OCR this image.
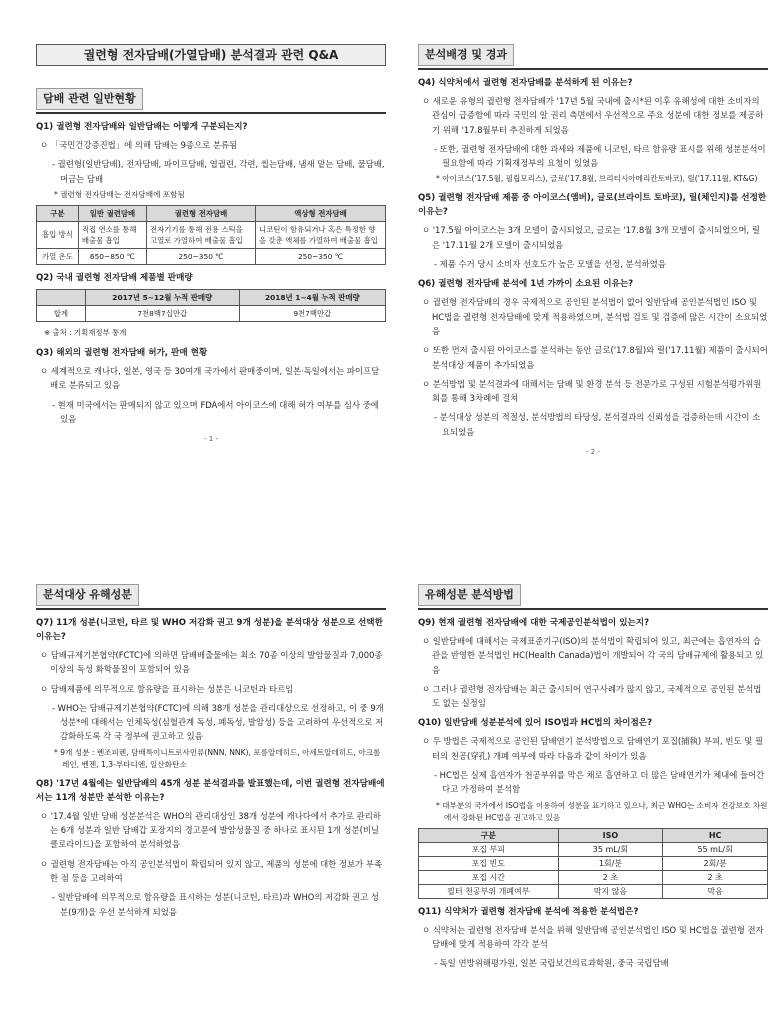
궐련형 전자담배(가열담배) 분석결과 관련 Q&A
담배 관련 일반현황
Q1) 궐련형 전자담배와 일반담배는 어떻게 구분되는지?
ㅇ 「국민건강증진법」에 의해 담배는 9종으로 분류됨
- 궐련형(일반담배), 전자담배, 파이프담배, 엽궐련, 각련, 씹는담배, 냄새 맡는 담배, 물담배, 머금는 담배
* 궐련형 전자담배는 전자담배에 포함됨
구분	일반 궐련담배	궐련형 전자담배	액상형 전자담배
흡입 방식	직접 연소를 통해 배출물 흡입	전자기기를 통해 전용 스틱을 고열로 가열하여 배출물 흡입	니코틴이 함유되거나 혹은 특정한 향을 갖춘 액체를 가열하여 배출물 흡입
가열 온도	650~850 ℃	250~350 ℃	250~350 ℃
Q2) 국내 궐련형 전자담배 제품별 판매량
	2017년 5~12월 누적 판매량	2018년 1~4월 누적 판매량
합계	7천8백7십만갑	9천7백만갑
※ 출처 : 기획재정부 통계
Q3) 해외의 궐련형 전자담배 허가, 판매 현황
ㅇ 세계적으로 캐나다, 일본, 영국 등 30여개 국가에서 판매중이며, 일본·독일에서는 파이프담배로 분류되고 있음
- 현재 미국에서는 판매되지 않고 있으며 FDA에서 아이코스에 대해 허가 여부를 심사 중에 있음
- 1 -
분석배경 및 경과
Q4) 식약처에서 궐련형 전자담배를 분석하게 된 이유는?
ㅇ 새로운 유형의 궐련형 전자담배가 '17년 5월 국내에 출시*된 이후 유해성에 대한 소비자의 관심이 급증함에 따라 국민의 알 권리 측면에서 우선적으로 주요 성분에 대한 정보를 제공하기 위해 '17.8월부터 추진하게 되었음
- 또한, 궐련형 전자담배에 대한 과세와 제품에 니코틴, 타르 함유량 표시를 위해 성분분석이 필요함에 따라 기획재정부의 요청이 있었음
* 아이코스('17.5월, 필립모리스), 글로('17.8월, 브리티시아메리칸토바코), 릴('17.11월, KT&G)
Q5) 궐련형 전자담배 제품 중 아이코스(앰버), 글로(브라이트 토바코), 릴(체인지)를 선정한 이유는?
ㅇ '17.5월 아이코스는 3개 모델이 출시되었고, 글로는 '17.8월 3개 모델이 출시되었으며, 릴은 '17.11월 2개 모델이 출시되었음
- 제품 수거 당시 소비자 선호도가 높은 모델을 선정, 분석하였음
Q6) 궐련형 전자담배 분석에 1년 가까이 소요된 이유는?
ㅇ 궐련형 전자담배의 경우 국제적으로 공인된 분석법이 없어 일반담배 공인분석법인 ISO 및 HC법을 궐련형 전자담배에 맞게 적용하였으며, 분석법 검토 및 검증에 많은 시간이 소요되었음
ㅇ 또한 먼저 출시된 아이코스를 분석하는 동안 글로('17.8월)와 릴('17.11월) 제품이 출시되어 분석대상 제품이 추가되었음
ㅇ 분석방법 및 분석결과에 대해서는 담배 및 환경 분석 등 전문가로 구성된 시험분석평가위원회를 통해 3차례에 걸쳐
- 분석대상 성분의 적절성, 분석방법의 타당성, 분석결과의 신뢰성을 검증하는데 시간이 소요되었음
- 2 -
분석대상 유해성분
Q7) 11개 성분(니코틴, 타르 및 WHO 저감화 권고 9개 성분)을 분석대상 성분으로 선택한 이유는?
ㅇ 담배규제기본협약(FCTC)에 의하면 담배배출물에는 최소 70종 이상의 발암물질과 7,000종 이상의 독성 화학물질이 포함되어 있음
ㅇ 담배제품에 의무적으로 함유량을 표시하는 성분은 니코틴과 타르임
- WHO는 담배규제기본협약(FCTC)에 의해 38개 성분을 관리대상으로 선정하고, 이 중 9개 성분*에 대해서는 인체독성(심혈관계 독성, 폐독성, 발암성) 등을 고려하여 우선적으로 저감화하도록 각 국 정부에 권고하고 있음
* 9개 성분 : 벤조피렌, 담배특이니트로사민류(NNN, NNK), 포름알데히드, 아세트알데히드, 아크롤레인, 벤젠, 1,3-부타디엔, 일산화탄소
Q8) '17년 4월에는 일반담배의 45개 성분 분석결과를 발표했는데, 이번 궐련형 전자담배에서는 11개 성분만 분석한 이유는?
ㅇ '17.4월 일반 담배 성분분석은 WHO의 관리대상인 38개 성분에 캐나다에서 추가로 관리하는 6개 성분과 일반 담배갑 포장지의 경고문에 발암성물질 중 하나로 표시된 1개 성분(비닐클로라이드)을 포함하여 분석하였음
ㅇ 궐련형 전자담배는 아직 공인분석법이 확립되어 있지 않고, 제품의 성분에 대한 정보가 부족한 점 등을 고려하여
- 일반담배에 의무적으로 함유량을 표시하는 성분(니코틴, 타르)과 WHO의 저감화 권고 성분(9개)을 우선 분석하게 되었음
유해성분 분석방법
Q9) 현재 궐련형 전자담배에 대한 국제공인분석법이 있는지?
ㅇ 일반담배에 대해서는 국제표준기구(ISO)의 분석법이 확립되어 있고, 최근에는 흡연자의 습관을 반영한 분석법인 HC(Health Canada)법이 개발되어 각 국의 담배규제에 활용되고 있음
ㅇ 그러나 궐련형 전자담배는 최근 출시되어 연구사례가 많지 않고, 국제적으로 공인된 분석법도 없는 실정임
Q10) 일반담배 성분분석에 있어 ISO법과 HC법의 차이점은?
ㅇ 두 방법은 국제적으로 공인된 담배연기 분석방법으로 담배연기 포집(捕執) 부피, 빈도 및 필터의 천공(穿孔) 개폐 여부에 따라 다음과 같이 차이가 있음
- HC법은 실제 흡연자가 천공부위를 막은 채로 흡연하고 더 많은 담배연기가 체내에 들어간다고 가정하여 분석함
* 대부분의 국가에서 ISO법을 이용하여 성분을 표기하고 있으나, 최근 WHO는 소비자 건강보호 차원에서 강화된 HC법을 권고하고 있음
구분	ISO	HC
포집 부피	35 mL/회	55 mL/회
포집 빈도	1회/분	2회/분
포집 시간	2 초	2 초
필터 천공부위 개폐여부	막지 않음	막음
Q11) 식약처가 궐련형 전자담배 분석에 적용한 분석법은?
ㅇ 식약처는 궐련형 전자담배 분석을 위해 일반담배 공인분석법인 ISO 및 HC법을 궐련형 전자담배에 맞게 적용하여 각각 분석
- 독일 연방위해평가원, 일본 국립보건의료과학원, 중국 국립담배
